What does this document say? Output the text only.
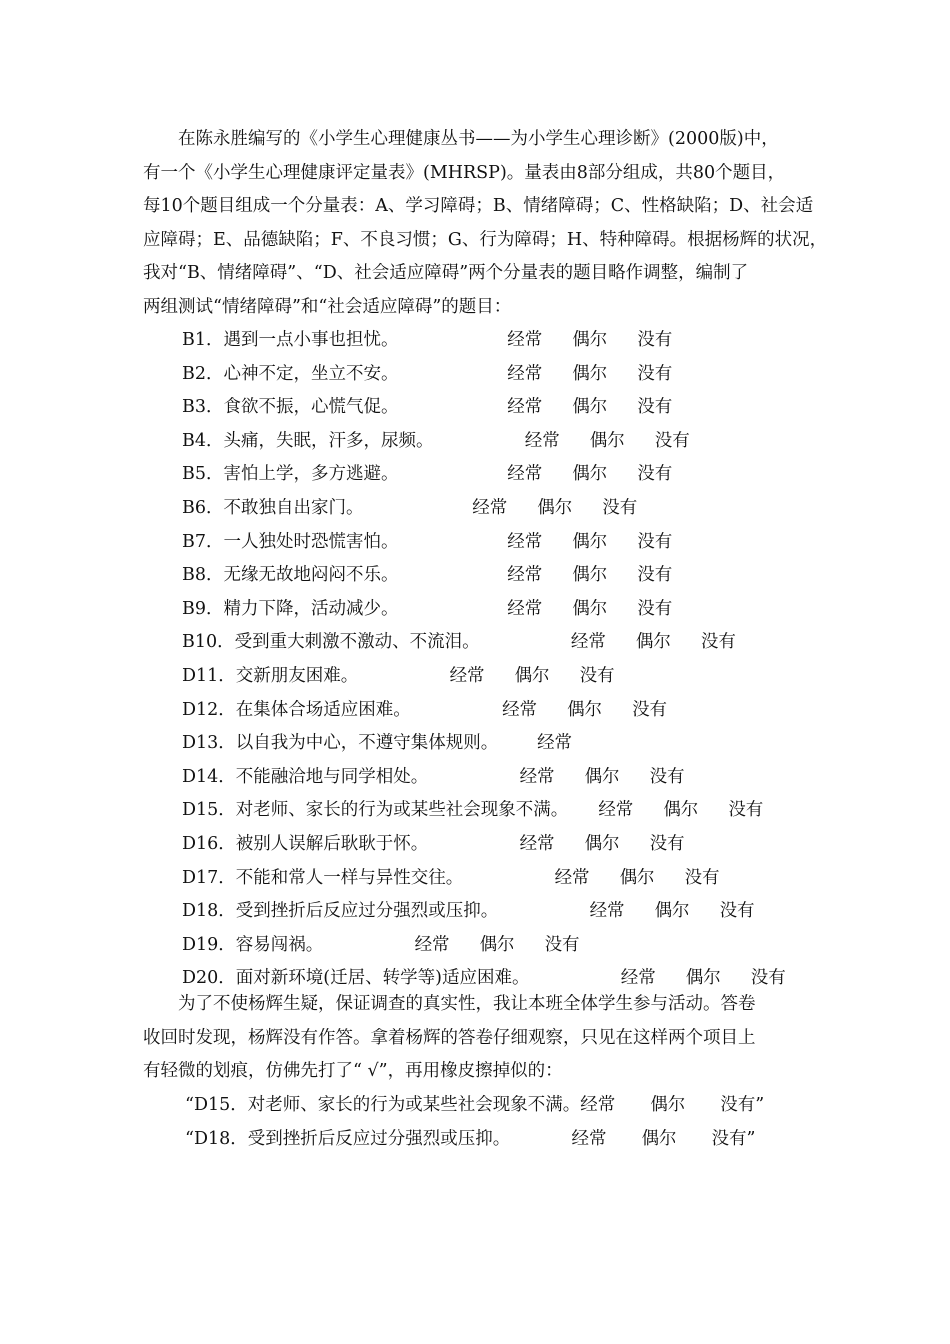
　　在陈永胜编写的《小学生心理健康丛书——为小学生心理诊断》(2000版)中，
有一个《小学生心理健康评定量表》(MHRSP)。量表由8部分组成，共80个题目，
每10个题目组成一个分量表：A、学习障碍；B、情绪障碍；C、性格缺陷；D、社会适
应障碍；E、品德缺陷；F、不良习惯；G、行为障碍；H、特种障碍。根据杨辉的状况，
我对“B、情绪障碍”、“D、社会适应障碍”两个分量表的题目略作调整，编制了
两组测试“情绪障碍”和“社会适应障碍”的题目：
B1．遇到一点小事也担忧。　　　　　经常 偶尔 没有
B2．心神不定，坐立不安。　　　　　经常 偶尔 没有
B3．食欲不振，心慌气促。　　　　　经常 偶尔 没有
B4．头痛，失眠，汗多，尿频。　　　　经常 偶尔 没有
B5．害怕上学，多方逃避。　　　　　经常 偶尔 没有
B6．不敢独自出家门。　　　　　经常 偶尔 没有
B7．一人独处时恐慌害怕。　　　　　经常 偶尔 没有
B8．无缘无故地闷闷不乐。　　　　　经常 偶尔 没有
B9．精力下降，活动减少。　　　　　经常 偶尔 没有
B10．受到重大刺激不激动、不流泪。　　　　经常 偶尔 没有
D11．交新朋友困难。　　　　经常 偶尔 没有
D12．在集体合场适应困难。　　　　经常 偶尔 没有
D13．以自我为中心，不遵守集体规则。　经常
D14．不能融洽地与同学相处。　　　　经常 偶尔 没有
D15．对老师、家长的行为或某些社会现象不满。 经常 偶尔 没有
D16．被别人误解后耿耿于怀。　　　　经常 偶尔 没有
D17．不能和常人一样与异性交往。　　　　经常 偶尔 没有
D18．受到挫折后反应过分强烈或压抑。　　　　经常 偶尔 没有
D19．容易闯祸。　　　　经常 偶尔 没有
D20．面对新环境(迁居、转学等)适应困难。　　　　经常 偶尔 没有
　　为了不使杨辉生疑，保证调查的真实性，我让本班全体学生参与活动。答卷
收回时发现，杨辉没有作答。拿着杨辉的答卷仔细观察，只见在这样两个项目上
有轻微的划痕，仿佛先打了“ √”，再用橡皮擦掉似的：
“D15．对老师、家长的行为或某些社会现象不满。经常　　偶尔　　没有”
“D18．受到挫折后反应过分强烈或压抑。　　　　经常　　偶尔　　没有”
